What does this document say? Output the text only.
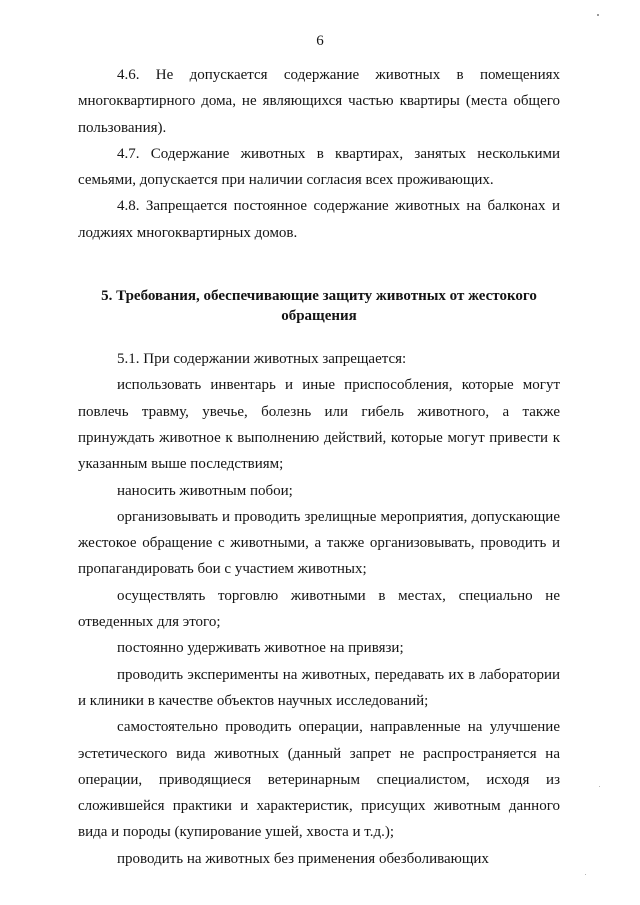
6

4.6. Не допускается содержание животных в помещениях многоквартирного дома, не являющихся частью квартиры (места общего пользования).

4.7. Содержание животных в квартирах, занятых несколькими семьями, допускается при наличии согласия всех проживающих.

4.8. Запрещается постоянное содержание животных на балконах и лоджиях многоквартирных домов.

5. Требования, обеспечивающие защиту животных от жестокого обращения

5.1. При содержании животных запрещается:

использовать инвентарь и иные приспособления, которые могут повлечь травму, увечье, болезнь или гибель животного, а также принуждать животное к выполнению действий, которые могут привести к указанным выше последствиям;

наносить животным побои;

организовывать и проводить зрелищные мероприятия, допускающие жестокое обращение с животными, а также организовывать, проводить и пропагандировать бои с участием животных;

осуществлять торговлю животными в местах, специально не отведенных для этого;

постоянно удерживать животное на привязи;

проводить эксперименты на животных, передавать их в лаборатории и клиники в качестве объектов научных исследований;

самостоятельно проводить операции, направленные на улучшение эстетического вида животных (данный запрет не распространяется на операции, приводящиеся ветеринарным специалистом, исходя из сложившейся практики и характеристик, присущих животным данного вида и породы (купирование ушей, хвоста и т.д.);

проводить на животных без применения обезболивающих
